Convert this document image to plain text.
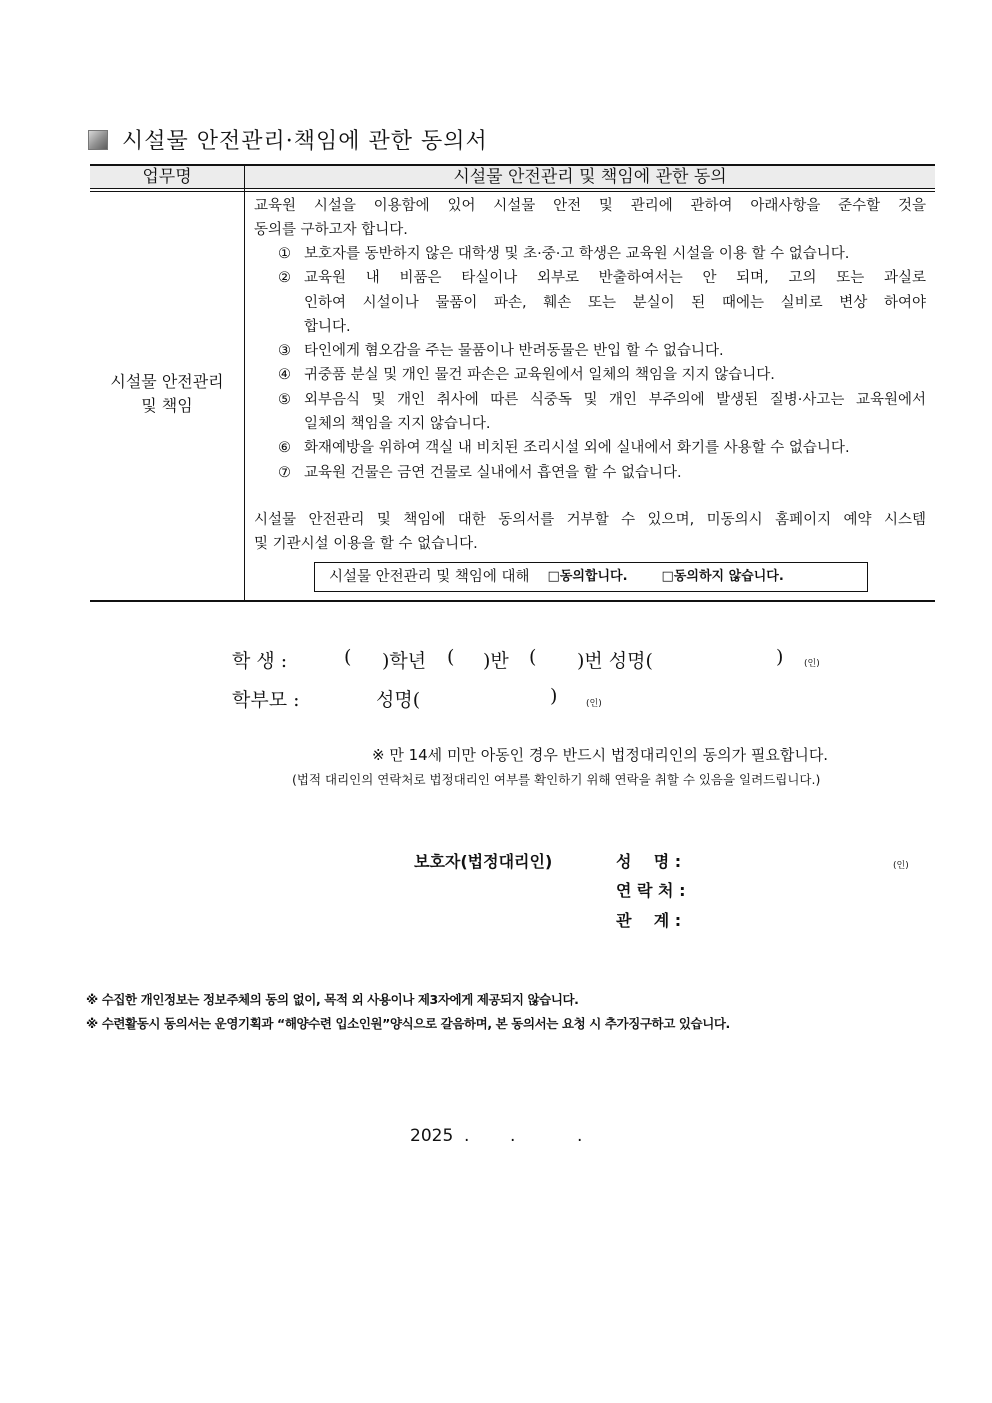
시설물 안전관리·책임에 관한 동의서
업무명	시설물 안전관리 및 책임에 관한 동의
시설물 안전관리
및 책임
교육원 시설을 이용함에 있어 시설물 안전 및 관리에 관하여 아래사항을 준수할 것을
동의를 구하고자 합니다.
① 보호자를 동반하지 않은 대학생 및 초·중·고 학생은 교육원 시설을 이용 할 수 없습니다.
② 교육원 내 비품은 타실이나 외부로 반출하여서는 안 되며, 고의 또는 과실로
인하여 시설이나 물품이 파손, 훼손 또는 분실이 된 때에는 실비로 변상 하여야
합니다.
③ 타인에게 혐오감을 주는 물품이나 반려동물은 반입 할 수 없습니다.
④ 귀중품 분실 및 개인 물건 파손은 교육원에서 일체의 책임을 지지 않습니다.
⑤ 외부음식 및 개인 취사에 따른 식중독 및 개인 부주의에 발생된 질병·사고는 교육원에서
일체의 책임을 지지 않습니다.
⑥ 화재예방을 위하여 객실 내 비치된 조리시설 외에 실내에서 화기를 사용할 수 없습니다.
⑦ 교육원 건물은 금연 건물로 실내에서 흡연을 할 수 없습니다.
시설물 안전관리 및 책임에 대한 동의서를 거부할 수 있으며, 미동의시 홈페이지 예약 시스템
및 기관시설 이용을 할 수 없습니다.
시설물 안전관리 및 책임에 대해 □동의합니다.	□동의하지 않습니다.
학 생 :	( )학년 ( )반 ( )번 성명(	) (인)
학부모 :	성명(	)	(인)
※ 만 14세 미만 아동인 경우 반드시 법정대리인의 동의가 필요합니다.
(법적 대리인의 연락처로 법정대리인 여부를 확인하기 위해 연락을 취할 수 있음을 일려드립니다.)
보호자(법정대리인)	성    명 :	(인)
연 락 처 :
관    계 :
※ 수집한 개인정보는 정보주체의 동의 없이, 목적 외 사용이나 제3자에게 제공되지 않습니다.
※ 수련활동시 동의서는 운영기획과 “해양수련 입소인원”양식으로 갈음하며, 본 동의서는 요청 시 추가징구하고 있습니다.
2025 . .	.
